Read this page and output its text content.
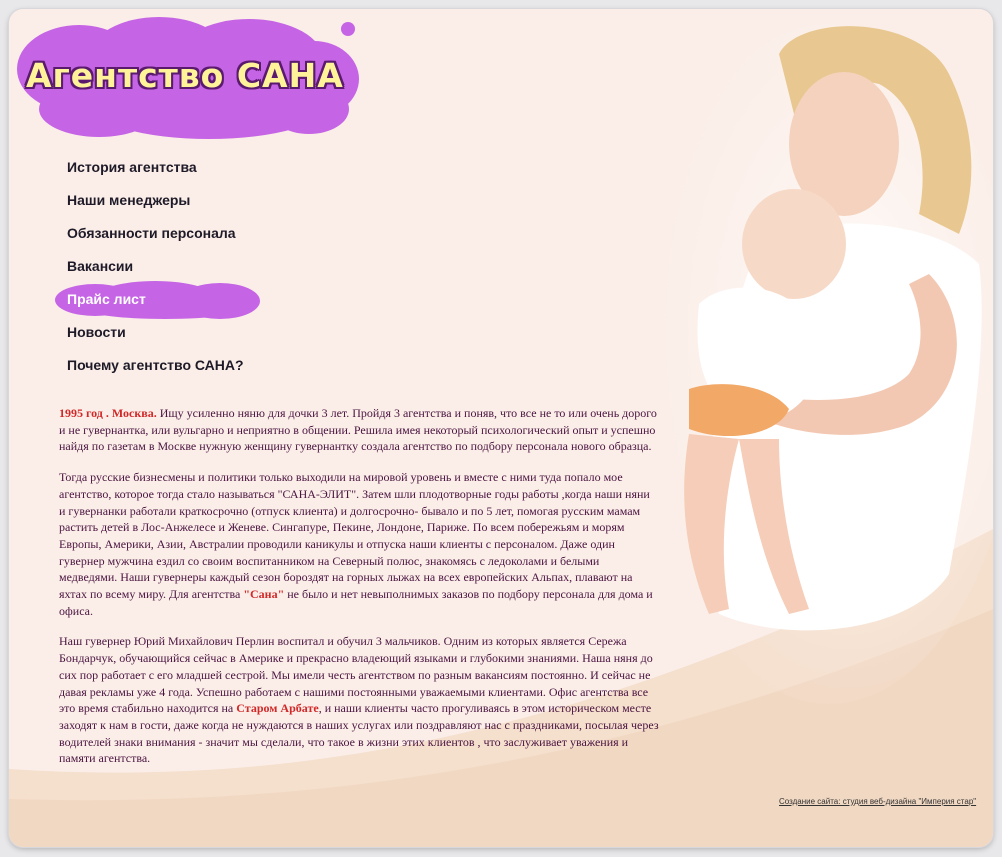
Агентство САНА
История агентства
Наши менеджеры
Обязанности персонала
Вакансии
Прайс лист
Новости
Почему агентство САНА?

1995 год . Москва. Ищу усиленно няню для дочки 3 лет. Пройдя 3 агентства и поняв, что все не то или очень дорого и не гувернантка, или вульгарно и неприятно в общении. Решила имея некоторый психологический опыт и успешно найдя по газетам в Москве нужную женщину гувернантку создала агентство по подбору персонала нового образца.

Тогда русские бизнесмены и политики только выходили на мировой уровень и вместе с ними туда попало мое агентство, которое тогда стало называться "САНА-ЭЛИТ". Затем шли плодотворные годы работы ,когда наши няни и гувернанки работали краткосрочно (отпуск клиента) и долгосрочно- бывало и по 5 лет, помогая русским мамам растить детей в Лос-Анжелесе и Женеве. Сингапуре, Пекине, Лондоне, Париже. По всем побережьям и морям Европы, Америки, Азии, Австралии проводили каникулы и отпуска наши клиенты с персоналом. Даже один гувернер мужчина ездил со своим воспитанником на Северный полюс, знакомясь с ледоколами и белыми медведями. Наши гувернеры каждый сезон бороздят на горных лыжах на всех европейских Альпах, плавают на яхтах по всему миру. Для агентства "Сана" не было и нет невыполнимых заказов по подбору персонала для дома и офиса.

Наш гувернер Юрий Михайлович Перлин воспитал и обучил 3 мальчиков. Одним из которых является Сережа Бондарчук, обучающийся сейчас в Америке и прекрасно владеющий языками и глубокими знаниями. Наша няня до сих пор работает с его младшей сестрой. Мы имели честь агентством по разным вакансиям постоянно. И сейчас не давая рекламы уже 4 года. Успешно работаем с нашими постоянными уважаемыми клиентами. Офис агентства все это время стабильно находится на Старом Арбате, и наши клиенты часто прогуливаясь в этом историческом месте заходят к нам в гости, даже когда не нуждаются в наших услугах или поздравляют нас с праздниками, посылая через водителей знаки внимания - значит мы сделали, что такое в жизни этих клиентов , что заслуживает уважения и памяти агентства.

Создание сайта: студия веб-дизайна "Империя стар"
